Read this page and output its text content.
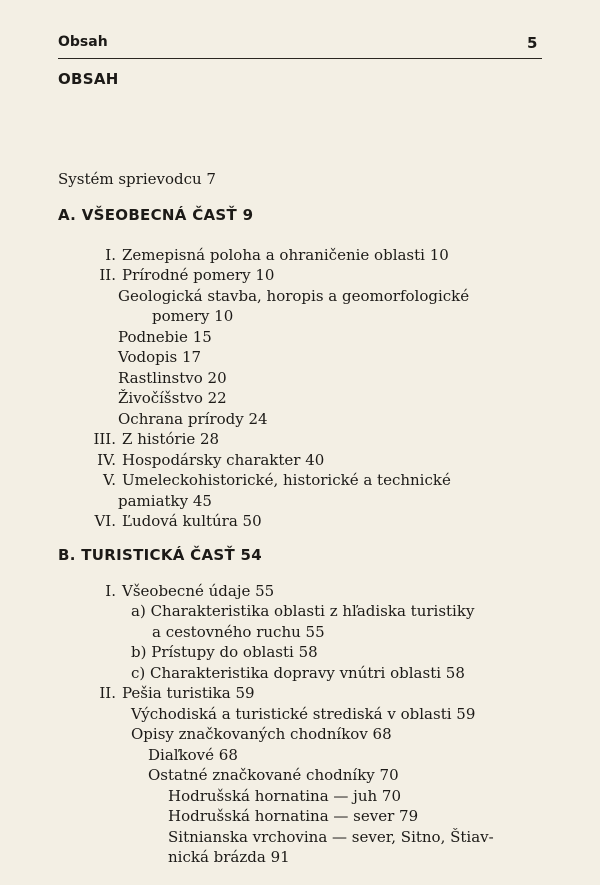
Obsah	5
OBSAH
Systém sprievodcu 7
A. VŠEOBECNÁ ČASŤ 9
I. Zemepisná poloha a ohraničenie oblasti 10
II. Prírodné pomery 10
Geologická stavba, horopis a geomorfologické
pomery 10
Podnebie 15
Vodopis 17
Rastlinstvo 20
Živočíšstvo 22
Ochrana prírody 24
III. Z histórie 28
IV. Hospodársky charakter 40
V. Umeleckohistorické, historické a technické
pamiatky 45
VI. Ľudová kultúra 50
B. TURISTICKÁ ČASŤ 54
I. Všeobecné údaje 55
a) Charakteristika oblasti z hľadiska turistiky
a cestovného ruchu 55
b) Prístupy do oblasti 58
c) Charakteristika dopravy vnútri oblasti 58
II. Pešia turistika 59
Východiská a turistické strediská v oblasti 59
Opisy značkovaných chodníkov 68
Diaľkové 68
Ostatné značkované chodníky 70
Hodrušská hornatina — juh 70
Hodrušská hornatina — sever 79
Sitnianska vrchovina — sever, Sitno, Štiav-
nická brázda 91
